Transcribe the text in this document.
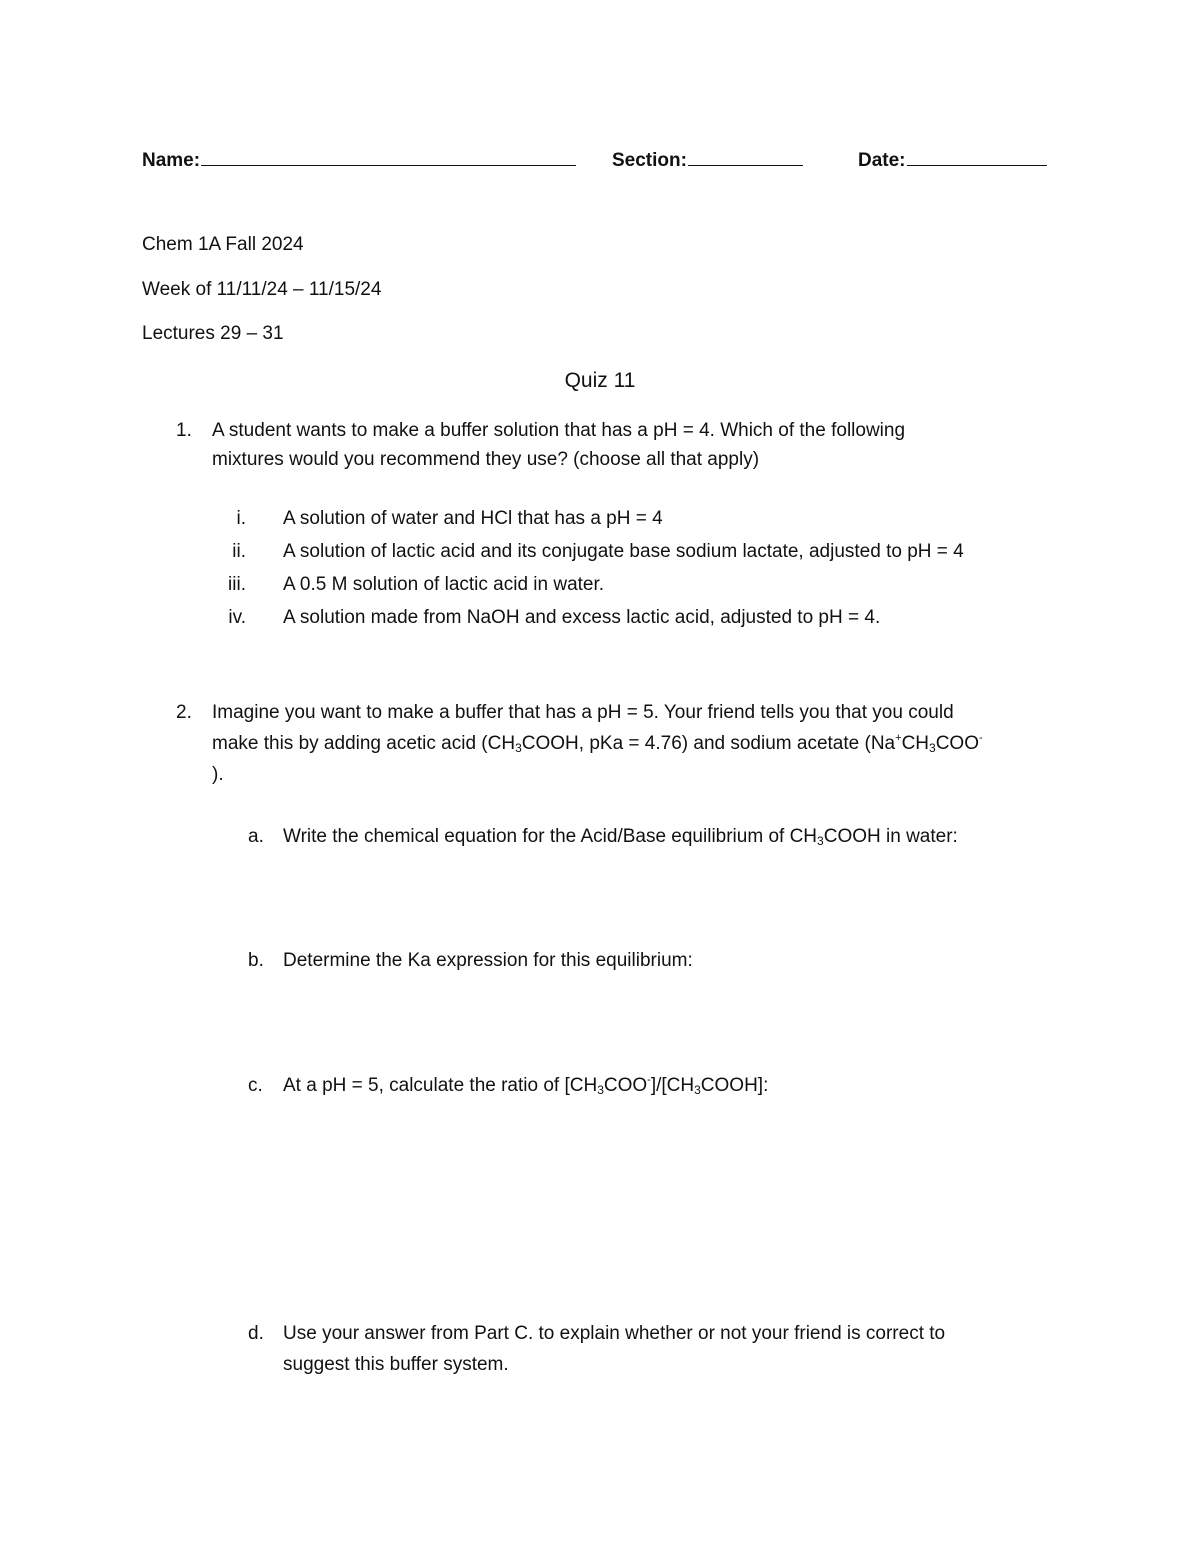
Name:	Section:	Date:
Chem 1A Fall 2024
Week of 11/11/24 – 11/15/24
Lectures 29 – 31
Quiz 11
1.	A student wants to make a buffer solution that has a pH = 4. Which of the following
mixtures would you recommend they use? (choose all that apply)
i. A solution of water and HCl that has a pH = 4
ii. A solution of lactic acid and its conjugate base sodium lactate, adjusted to pH = 4
iii. A 0.5 M solution of lactic acid in water.
iv. A solution made from NaOH and excess lactic acid, adjusted to pH = 4.
2.	Imagine you want to make a buffer that has a pH = 5. Your friend tells you that you could
make this by adding acetic acid ($CH_3COOH$, pKa = 4.76) and sodium acetate ($Na^+CH_3COO^-$
).
a. Write the chemical equation for the Acid/Base equilibrium of $CH_3COOH$ in water:
b. Determine the Ka expression for this equilibrium:
c. At a pH = 5, calculate the ratio of $[CH_3COO^-]/[CH_3COOH]$:
d. Use your answer from Part C. to explain whether or not your friend is correct to
suggest this buffer system.
